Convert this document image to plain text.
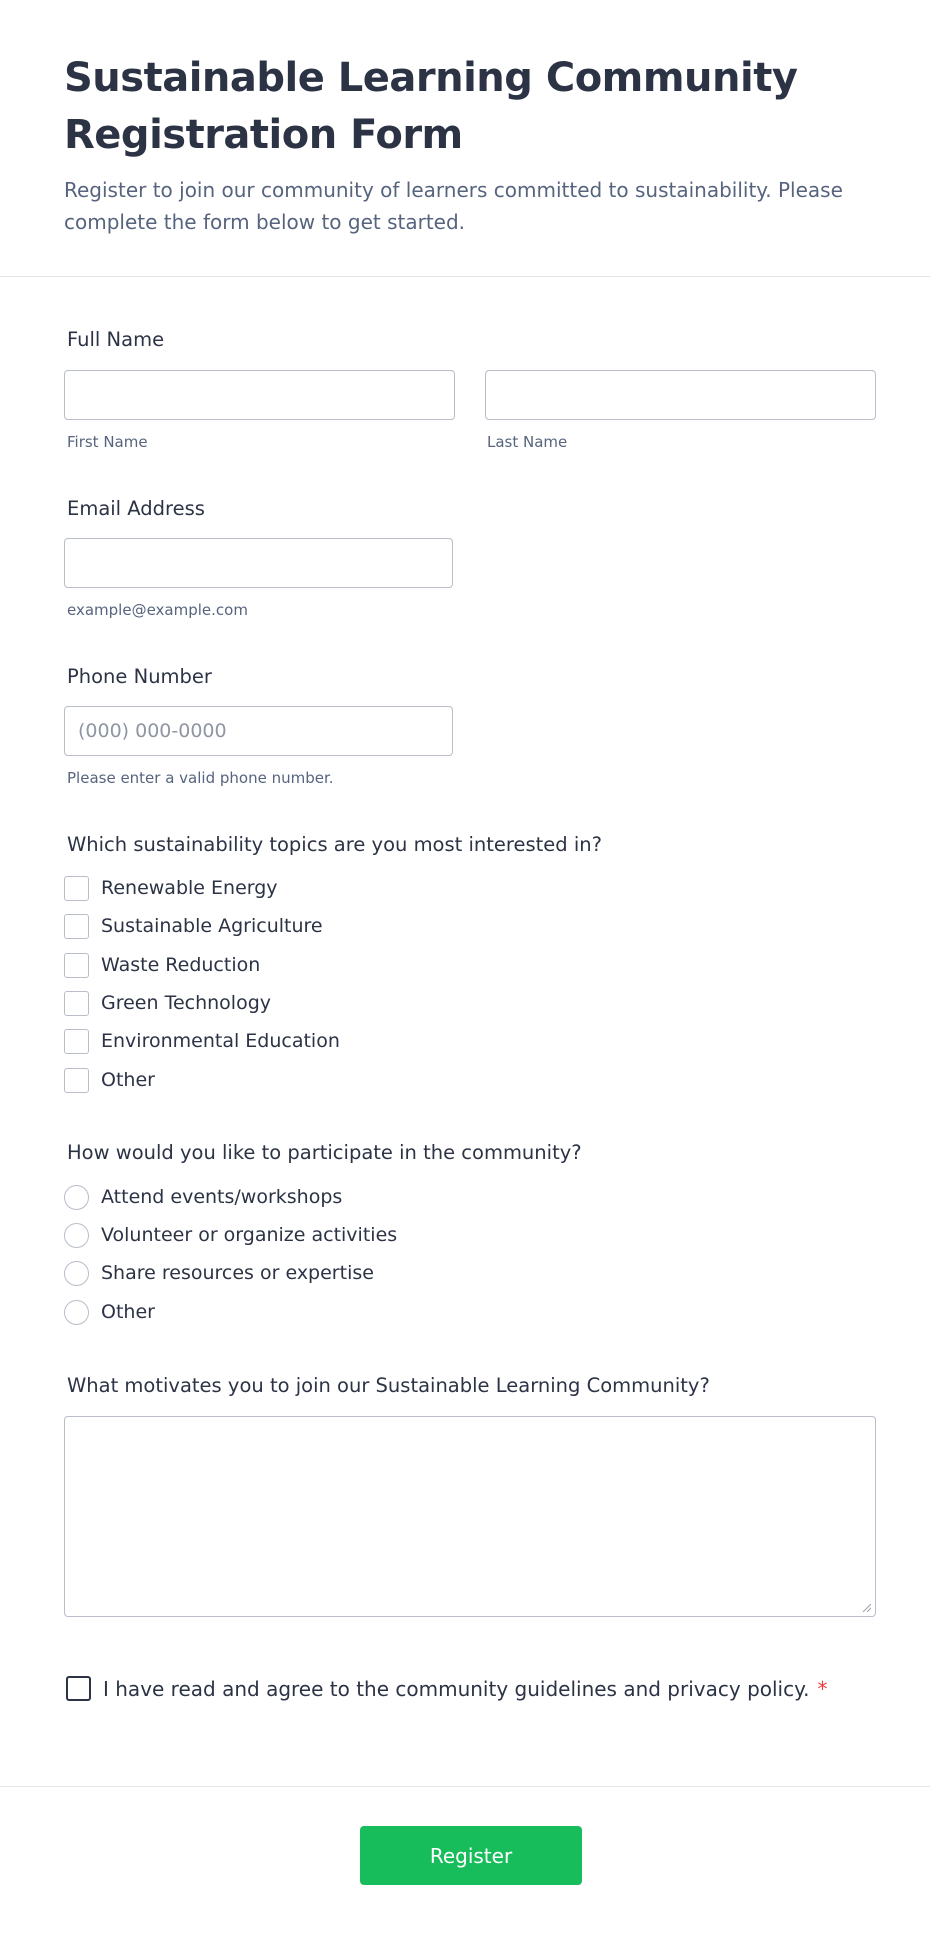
Sustainable Learning Community Registration Form

Register to join our community of learners committed to sustainability. Please complete the form below to get started.

Full Name
First Name	Last Name
Email Address
example@example.com
Phone Number
(000) 000-0000
Please enter a valid phone number.
Which sustainability topics are you most interested in?
Renewable Energy
Sustainable Agriculture
Waste Reduction
Green Technology
Environmental Education
Other
How would you like to participate in the community?
Attend events/workshops
Volunteer or organize activities
Share resources or expertise
Other
What motivates you to join our Sustainable Learning Community?
I have read and agree to the community guidelines and privacy policy. *
Register
